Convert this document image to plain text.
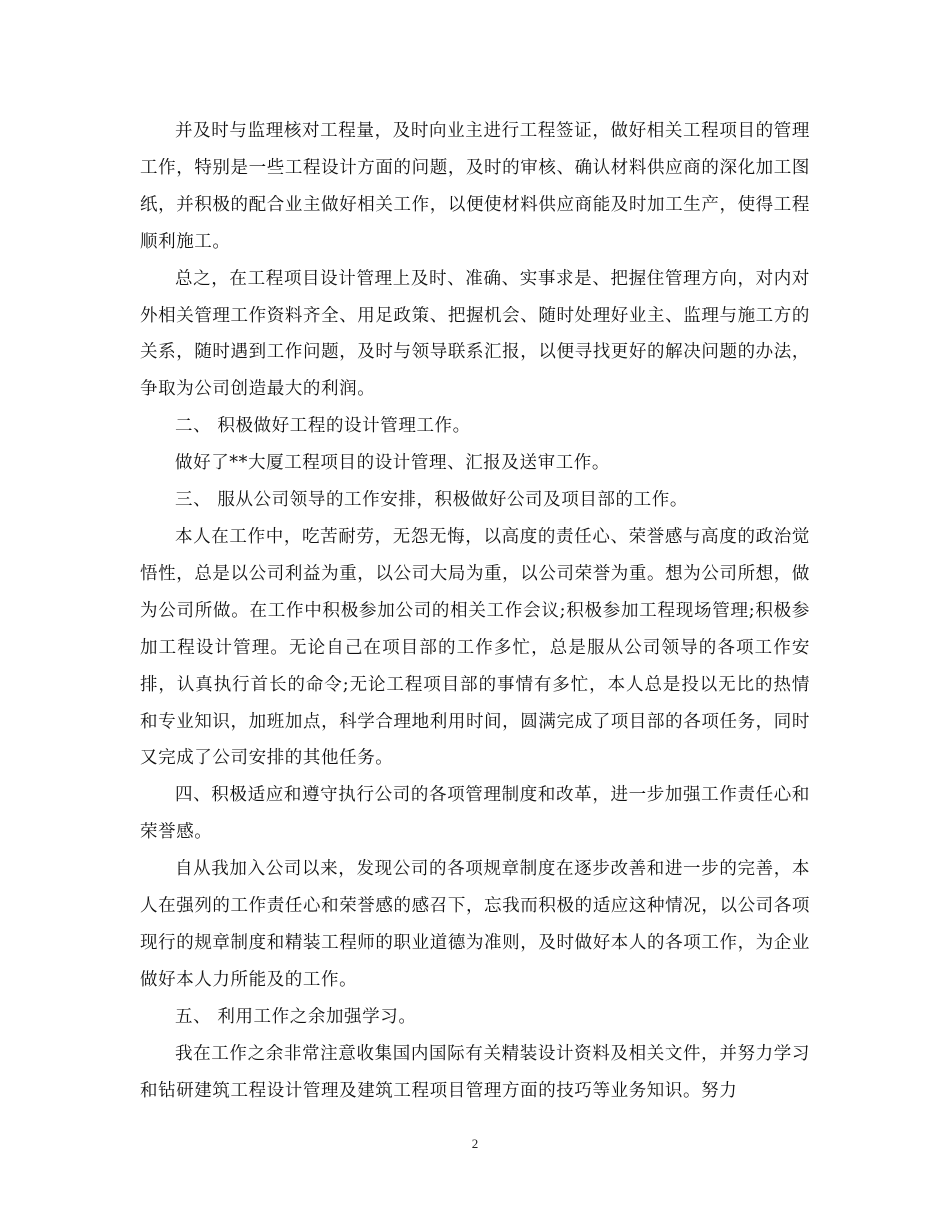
并及时与监理核对工程量，及时向业主进行工程签证，做好相关工程项目的管理工作，特别是一些工程设计方面的问题，及时的审核、确认材料供应商的深化加工图纸，并积极的配合业主做好相关工作，以便使材料供应商能及时加工生产，使得工程顺利施工。

总之，在工程项目设计管理上及时、准确、实事求是、把握住管理方向，对内对外相关管理工作资料齐全、用足政策、把握机会、随时处理好业主、监理与施工方的关系，随时遇到工作问题，及时与领导联系汇报，以便寻找更好的解决问题的办法，争取为公司创造最大的利润。

二、 积极做好工程的设计管理工作。

做好了**大厦工程项目的设计管理、汇报及送审工作。

三、 服从公司领导的工作安排，积极做好公司及项目部的工作。

本人在工作中，吃苦耐劳，无怨无悔，以高度的责任心、荣誉感与高度的政治觉悟性，总是以公司利益为重，以公司大局为重，以公司荣誉为重。想为公司所想，做为公司所做。在工作中积极参加公司的相关工作会议;积极参加工程现场管理;积极参加工程设计管理。无论自己在项目部的工作多忙，总是服从公司领导的各项工作安排，认真执行首长的命令;无论工程项目部的事情有多忙，本人总是投以无比的热情和专业知识，加班加点，科学合理地利用时间，圆满完成了项目部的各项任务，同时又完成了公司安排的其他任务。

四、积极适应和遵守执行公司的各项管理制度和改革，进一步加强工作责任心和荣誉感。

自从我加入公司以来，发现公司的各项规章制度在逐步改善和进一步的完善，本人在强列的工作责任心和荣誉感的感召下，忘我而积极的适应这种情况，以公司各项现行的规章制度和精装工程师的职业道德为准则，及时做好本人的各项工作，为企业做好本人力所能及的工作。

五、 利用工作之余加强学习。

我在工作之余非常注意收集国内国际有关精装设计资料及相关文件，并努力学习和钻研建筑工程设计管理及建筑工程项目管理方面的技巧等业务知识。努力

2
